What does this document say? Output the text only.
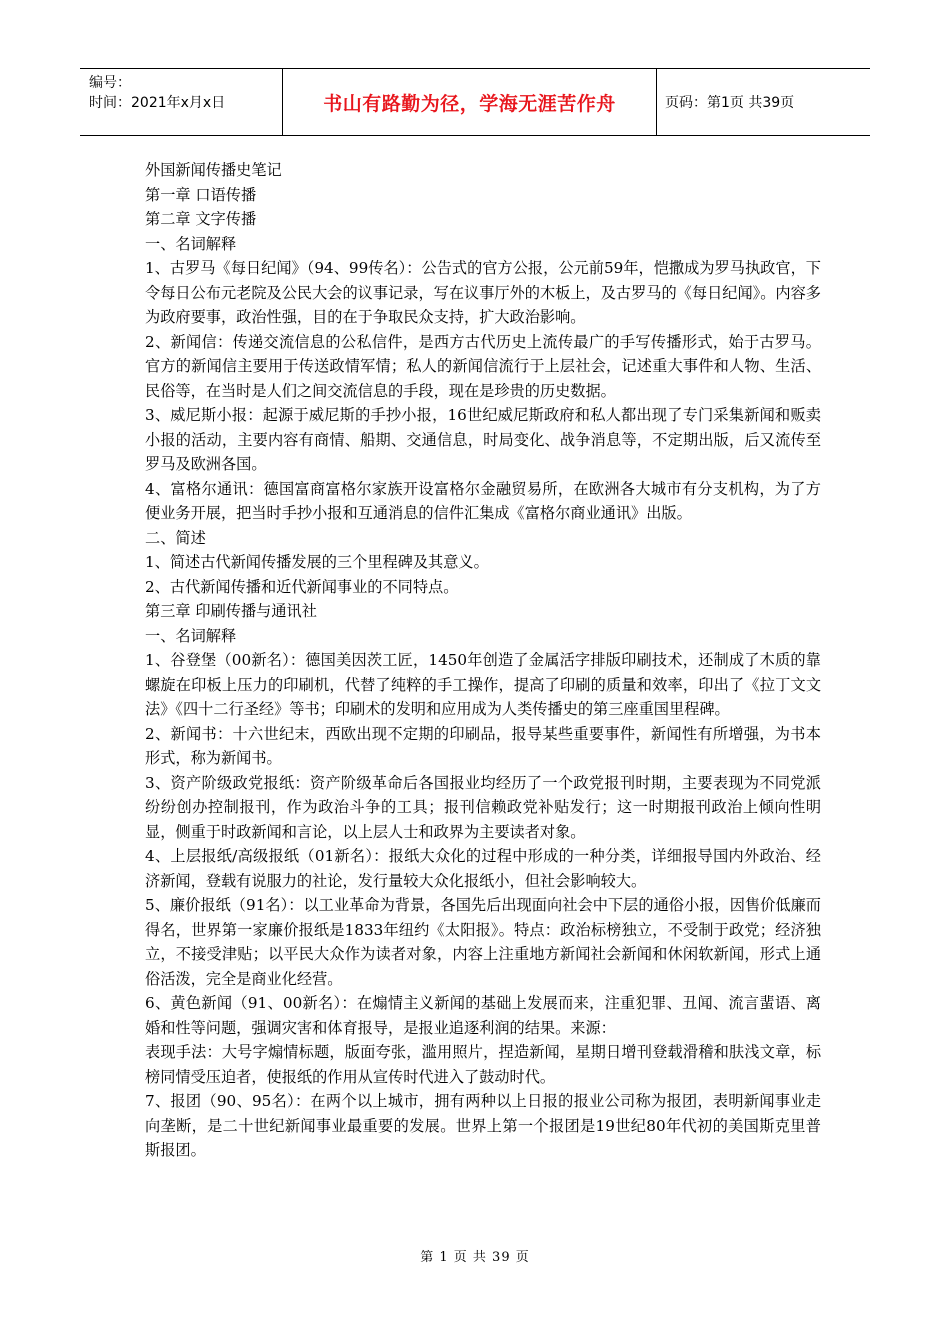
编号：
时间：2021年x月x日	书山有路勤为径，学海无涯苦作舟	页码：第1页 共39页

外国新闻传播史笔记

第一章 口语传播

第二章 文字传播

一、名词解释

1、古罗马《每日纪闻》（94、99传名）：公告式的官方公报，公元前59年，恺撒成为罗马执政官，下令每日公布元老院及公民大会的议事记录，写在议事厅外的木板上，及古罗马的《每日纪闻》。内容多为政府要事，政治性强，目的在于争取民众支持，扩大政治影响。

2、新闻信：传递交流信息的公私信件，是西方古代历史上流传最广的手写传播形式，始于古罗马。官方的新闻信主要用于传送政情军情；私人的新闻信流行于上层社会，记述重大事件和人物、生活、民俗等，在当时是人们之间交流信息的手段，现在是珍贵的历史数据。

3、威尼斯小报：起源于威尼斯的手抄小报，16世纪威尼斯政府和私人都出现了专门采集新闻和贩卖小报的活动，主要内容有商情、船期、交通信息，时局变化、战争消息等，不定期出版，后又流传至罗马及欧洲各国。

4、富格尔通讯：德国富商富格尔家族开设富格尔金融贸易所，在欧洲各大城市有分支机构，为了方便业务开展，把当时手抄小报和互通消息的信件汇集成《富格尔商业通讯》出版。

二、简述

1、简述古代新闻传播发展的三个里程碑及其意义。

2、古代新闻传播和近代新闻事业的不同特点。

第三章 印刷传播与通讯社

一、名词解释

1、谷登堡（00新名）：德国美因茨工匠，1450年创造了金属活字排版印刷技术，还制成了木质的靠螺旋在印板上压力的印刷机，代替了纯粹的手工操作，提高了印刷的质量和效率，印出了《拉丁文文法》《四十二行圣经》等书；印刷术的发明和应用成为人类传播史的第三座重国里程碑。

2、新闻书：十六世纪末，西欧出现不定期的印刷品，报导某些重要事件，新闻性有所增强，为书本形式，称为新闻书。

3、资产阶级政党报纸：资产阶级革命后各国报业均经历了一个政党报刊时期，主要表现为不同党派纷纷创办控制报刊，作为政治斗争的工具；报刊信赖政党补贴发行；这一时期报刊政治上倾向性明显，侧重于时政新闻和言论，以上层人士和政界为主要读者对象。

4、上层报纸/高级报纸（01新名）：报纸大众化的过程中形成的一种分类，详细报导国内外政治、经济新闻，登载有说服力的社论，发行量较大众化报纸小，但社会影响较大。

5、廉价报纸（91名）：以工业革命为背景，各国先后出现面向社会中下层的通俗小报，因售价低廉而得名，世界第一家廉价报纸是1833年纽约《太阳报》。特点：政治标榜独立，不受制于政党；经济独立，不接受津贴；以平民大众作为读者对象，内容上注重地方新闻社会新闻和休闲软新闻，形式上通俗活泼，完全是商业化经营。

6、黄色新闻（91、00新名）：在煽情主义新闻的基础上发展而来，注重犯罪、丑闻、流言蜚语、离婚和性等问题，强调灾害和体育报导，是报业追逐利润的结果。来源：

表现手法：大号字煽情标题，版面夸张，滥用照片，捏造新闻，星期日增刊登载滑稽和肤浅文章，标榜同情受压迫者，使报纸的作用从宣传时代进入了鼓动时代。

7、报团（90、95名）：在两个以上城市，拥有两种以上日报的报业公司称为报团，表明新闻事业走向垄断，是二十世纪新闻事业最重要的发展。世界上第一个报团是19世纪80年代初的美国斯克里普斯报团。

第 1 页 共 39 页
